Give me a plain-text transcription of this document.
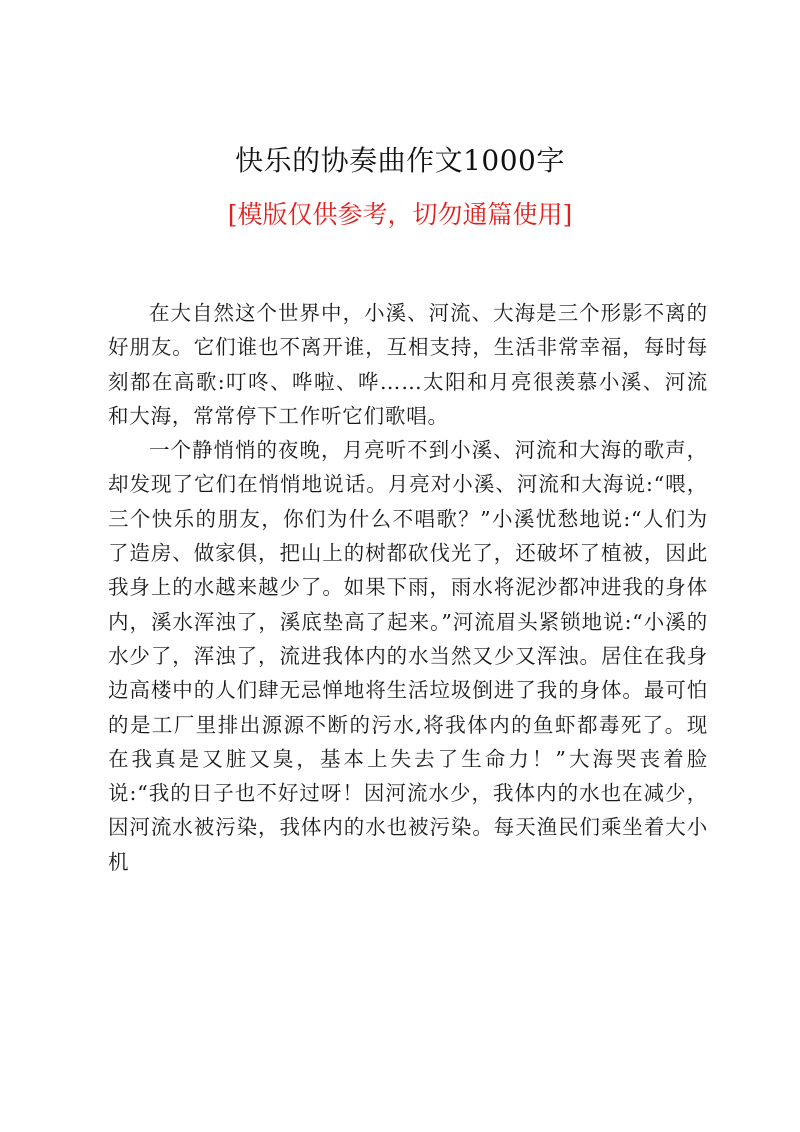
快乐的协奏曲作文1000字
[模版仅供参考，切勿通篇使用]

在大自然这个世界中，小溪、河流、大海是三个形影不离的好朋友。它们谁也不离开谁，互相支持，生活非常幸福，每时每刻都在高歌:叮咚、哗啦、哗……太阳和月亮很羡慕小溪、河流和大海，常常停下工作听它们歌唱。

一个静悄悄的夜晚，月亮听不到小溪、河流和大海的歌声，却发现了它们在悄悄地说话。月亮对小溪、河流和大海说:“喂，三个快乐的朋友，你们为什么不唱歌？”小溪忧愁地说:“人们为了造房、做家俱，把山上的树都砍伐光了，还破坏了植被，因此我身上的水越来越少了。如果下雨，雨水将泥沙都冲进我的身体内，溪水浑浊了，溪底垫高了起来。”河流眉头紧锁地说:“小溪的水少了，浑浊了，流进我体内的水当然又少又浑浊。居住在我身边高楼中的人们肆无忌惮地将生活垃圾倒进了我的身体。最可怕的是工厂里排出源源不断的污水,将我体内的鱼虾都毒死了。现在我真是又脏又臭，基本上失去了生命力！”大海哭丧着脸说:“我的日子也不好过呀！因河流水少，我体内的水也在减少，因河流水被污染，我体内的水也被污染。每天渔民们乘坐着大小机
